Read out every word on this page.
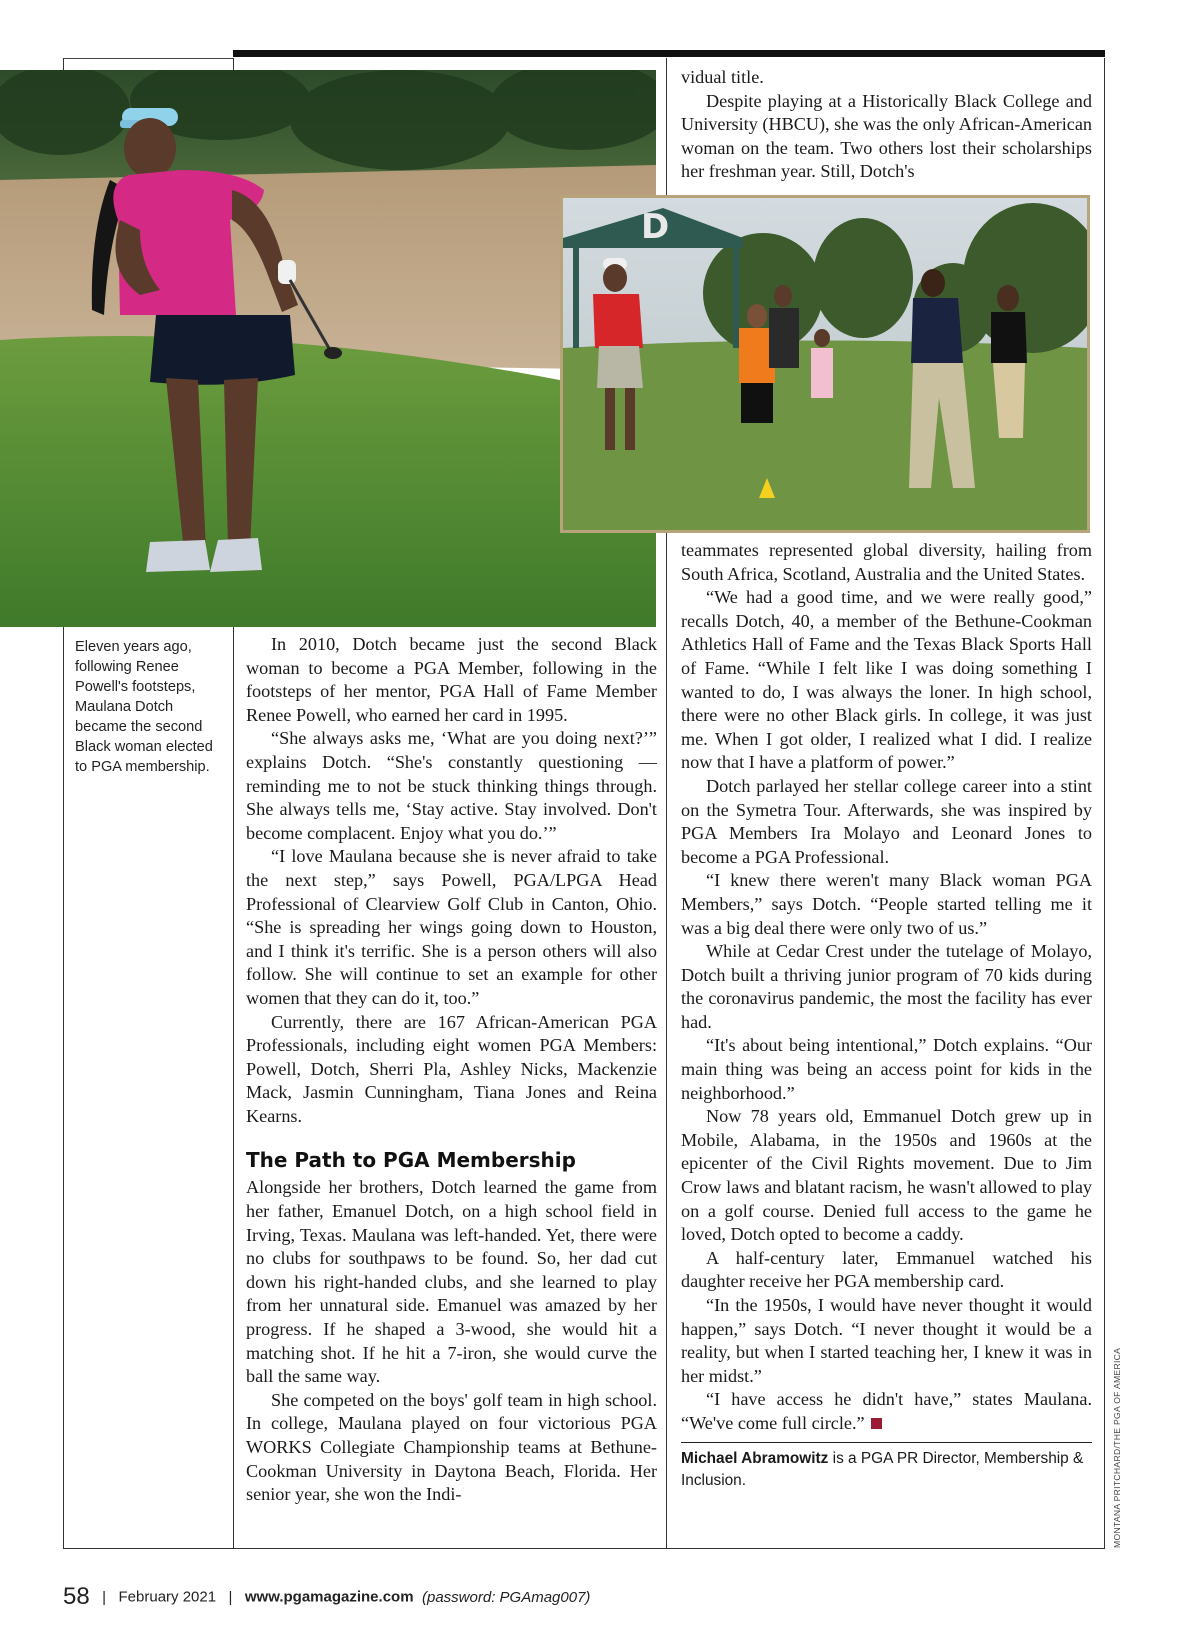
D
Eleven years ago, following Renee Powell's footsteps, Maulana Dotch became the second Black woman elected to PGA membership.

vidual title.

Despite playing at a Historically Black College and University (HBCU), she was the only African-American woman on the team. Two others lost their scholarships her freshman year. Still, Dotch's

In 2010, Dotch became just the second Black woman to become a PGA Member, following in the footsteps of her mentor, PGA Hall of Fame Member Renee Powell, who earned her card in 1995.

“She always asks me, ‘What are you doing next?’” explains Dotch. “She's constantly questioning — reminding me to not be stuck thinking things through. She always tells me, ‘Stay active. Stay involved. Don't become complacent. Enjoy what you do.’”

“I love Maulana because she is never afraid to take the next step,” says Powell, PGA/LPGA Head Professional of Clearview Golf Club in Canton, Ohio. “She is spreading her wings going down to Houston, and I think it's terrific. She is a person others will also follow. She will continue to set an example for other women that they can do it, too.”

Currently, there are 167 African-American PGA Professionals, including eight women PGA Members: Powell, Dotch, Sherri Pla, Ashley Nicks, Mackenzie Mack, Jasmin Cunningham, Tiana Jones and Reina Kearns.

The Path to PGA Membership

Alongside her brothers, Dotch learned the game from her father, Emanuel Dotch, on a high school field in Irving, Texas. Maulana was left-handed. Yet, there were no clubs for southpaws to be found. So, her dad cut down his right-handed clubs, and she learned to play from her unnatural side. Emanuel was amazed by her progress. If he shaped a 3-wood, she would hit a matching shot. If he hit a 7-iron, she would curve the ball the same way.

She competed on the boys' golf team in high school. In college, Maulana played on four victorious PGA WORKS Collegiate Championship teams at Bethune-Cookman University in Daytona Beach, Florida. Her senior year, she won the Indi-

teammates represented global diversity, hailing from South Africa, Scotland, Australia and the United States.

“We had a good time, and we were really good,” recalls Dotch, 40, a member of the Bethune-Cookman Athletics Hall of Fame and the Texas Black Sports Hall of Fame. “While I felt like I was doing something I wanted to do, I was always the loner. In high school, there were no other Black girls. In college, it was just me. When I got older, I realized what I did. I realize now that I have a platform of power.”

Dotch parlayed her stellar college career into a stint on the Symetra Tour. Afterwards, she was inspired by PGA Members Ira Molayo and Leonard Jones to become a PGA Professional.

“I knew there weren't many Black woman PGA Members,” says Dotch. “People started telling me it was a big deal there were only two of us.”

While at Cedar Crest under the tutelage of Molayo, Dotch built a thriving junior program of 70 kids during the coronavirus pandemic, the most the facility has ever had.

“It's about being intentional,” Dotch explains. “Our main thing was being an access point for kids in the neighborhood.”

Now 78 years old, Emmanuel Dotch grew up in Mobile, Alabama, in the 1950s and 1960s at the epicenter of the Civil Rights movement. Due to Jim Crow laws and blatant racism, he wasn't allowed to play on a golf course. Denied full access to the game he loved, Dotch opted to become a caddy.

A half-century later, Emmanuel watched his daughter receive her PGA membership card.

“In the 1950s, I would have never thought it would happen,” says Dotch. “I never thought it would be a reality, but when I started teaching her, I knew it was in her midst.”

“I have access he didn't have,” states Maulana. “We've come full circle.”

Michael Abramowitz is a PGA PR Director, Membership & Inclusion.	MONTANA PRITCHARD/THE PGA OF AMERICA
58 | February 2021 | www.pgamagazine.com (password: PGAmag007)
